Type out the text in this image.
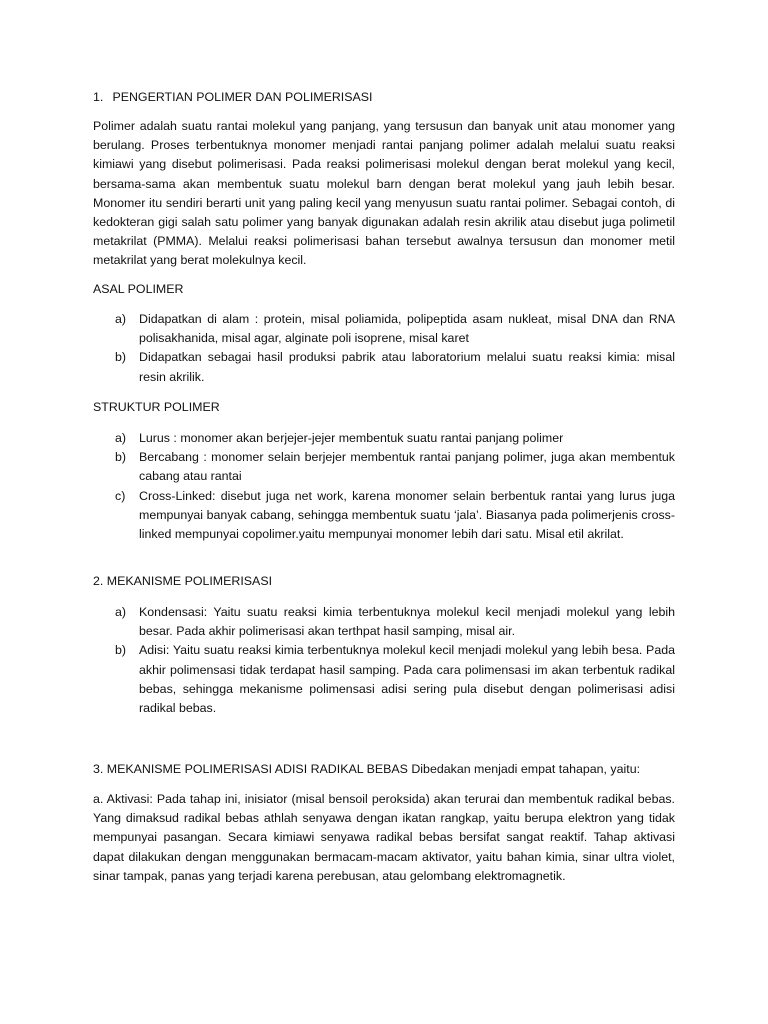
1. PENGERTIAN POLIMER DAN POLIMERISASI

Polimer adalah suatu rantai molekul yang panjang, yang tersusun dan banyak unit atau monomer yang berulang. Proses terbentuknya monomer menjadi rantai panjang polimer adalah melalui suatu reaksi kimiawi yang disebut polimerisasi. Pada reaksi polimerisasi molekul dengan berat molekul yang kecil, bersama-sama akan membentuk suatu molekul barn dengan berat molekul yang jauh lebih besar. Monomer itu sendiri berarti unit yang paling kecil yang menyusun suatu rantai polimer. Sebagai contoh, di kedokteran gigi salah satu polimer yang banyak digunakan adalah resin akrilik atau disebut juga polimetil metakrilat (PMMA). Melalui reaksi polimerisasi bahan tersebut awalnya tersusun dan monomer metil metakrilat yang berat molekulnya kecil.

ASAL POLIMER
a) Didapatkan di alam : protein, misal poliamida, polipeptida asam nukleat, misal DNA dan RNA polisakhanida, misal agar, alginate poli isoprene, misal karet
b) Didapatkan sebagai hasil produksi pabrik atau laboratorium melalui suatu reaksi kimia: misal resin akrilik.
STRUKTUR POLIMER
a) Lurus : monomer akan berjejer-jejer membentuk suatu rantai panjang polimer
b) Bercabang : monomer selain berjejer membentuk rantai panjang polimer, juga akan membentuk cabang atau rantai
c) Cross-Linked: disebut juga net work, karena monomer selain berbentuk rantai yang lurus juga mempunyai banyak cabang, sehingga membentuk suatu ‘jala’. Biasanya pada polimerjenis cross-linked mempunyai copolimer.yaitu mempunyai monomer lebih dari satu. Misal etil akrilat.
2. MEKANISME POLIMERISASI
a) Kondensasi: Yaitu suatu reaksi kimia terbentuknya molekul kecil menjadi molekul yang lebih besar. Pada akhir polimerisasi akan terthpat hasil samping, misal air.
b) Adisi: Yaitu suatu reaksi kimia terbentuknya molekul kecil menjadi molekul yang lebih besa. Pada akhir polimensasi tidak terdapat hasil samping. Pada cara polimensasi im akan terbentuk radikal bebas, sehingga mekanisme polimensasi adisi sering pula disebut dengan polimerisasi adisi radikal bebas.
3. MEKANISME POLIMERISASI ADISI RADIKAL BEBAS Dibedakan menjadi empat tahapan, yaitu:

a. Aktivasi: Pada tahap ini, inisiator (misal bensoil peroksida) akan terurai dan membentuk radikal bebas. Yang dimaksud radikal bebas athlah senyawa dengan ikatan rangkap, yaitu berupa elektron yang tidak mempunyai pasangan. Secara kimiawi senyawa radikal bebas bersifat sangat reaktif. Tahap aktivasi dapat dilakukan dengan menggunakan bermacam-macam aktivator, yaitu bahan kimia, sinar ultra violet, sinar tampak, panas yang terjadi karena perebusan, atau gelombang elektromagnetik.
